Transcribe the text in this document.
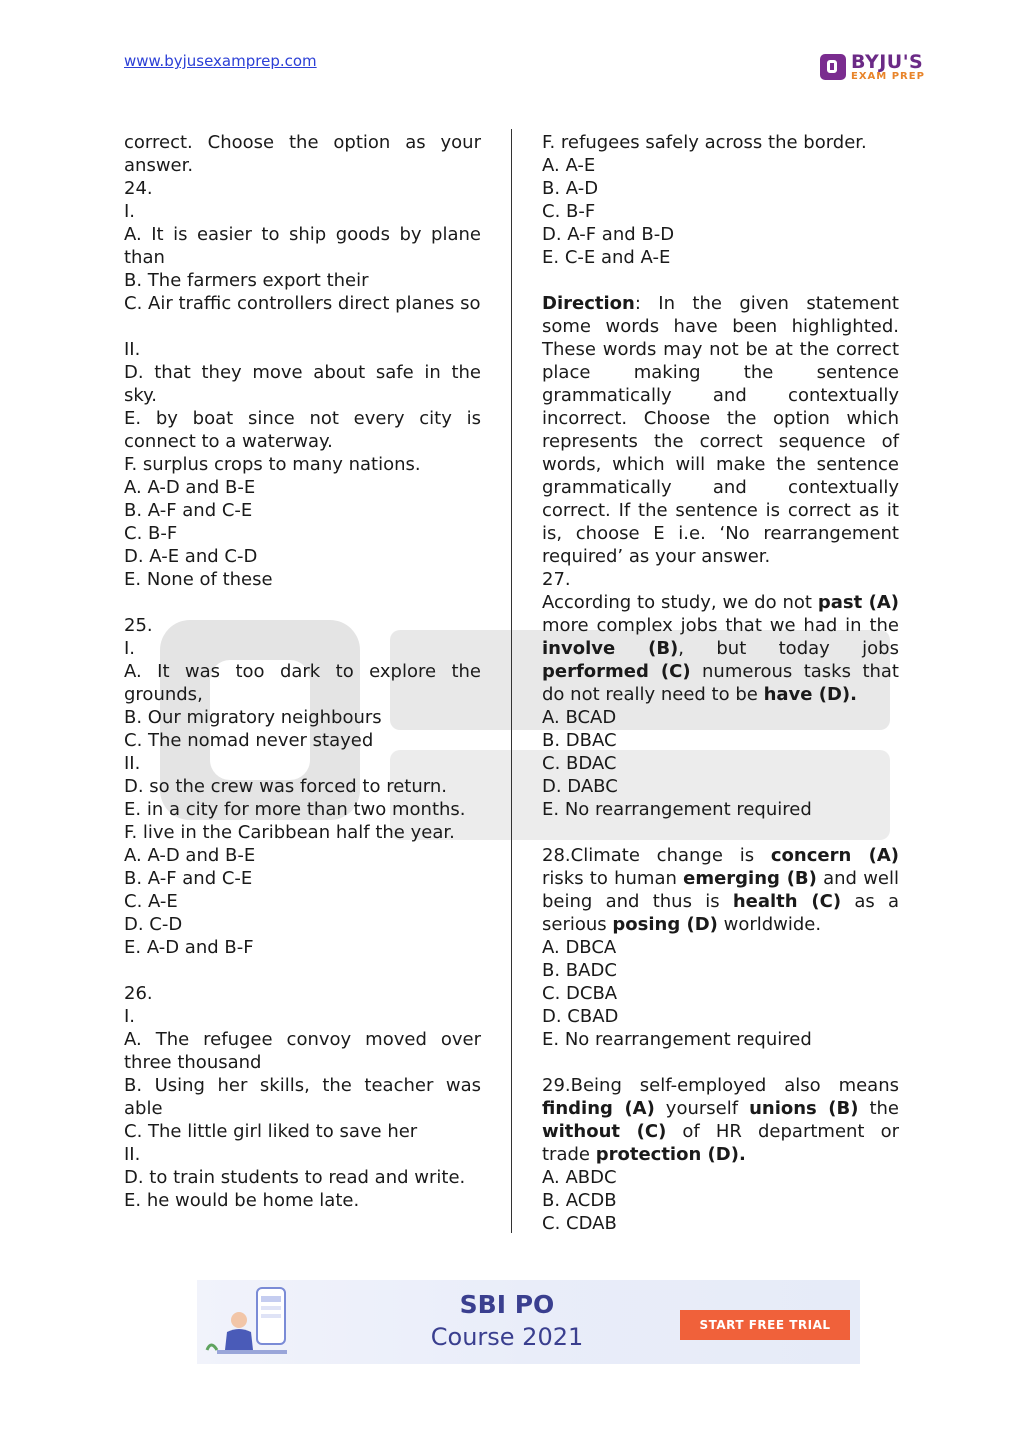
www.byjusexamprep.com	BYJU'S
EXAM PREP

correct. Choose the option as your answer.

24.

I.

A. It is easier to ship goods by plane than

B. The farmers export their

C. Air traffic controllers direct planes so

II.

D. that they move about safe in the sky.

E. by boat since not every city is connect to a waterway.

F. surplus crops to many nations.

A. A-D and B-E

B. A-F and C-E

C. B-F

D. A-E and C-D

E. None of these

25.

I.

A. It was too dark to explore the grounds,

B. Our migratory neighbours

C. The nomad never stayed

II.

D. so the crew was forced to return.

E. in a city for more than two months.

F. live in the Caribbean half the year.

A. A-D and B-E

B. A-F and C-E

C. A-E

D. C-D

E. A-D and B-F

26.

I.

A. The refugee convoy moved over three thousand

B. Using her skills, the teacher was able

C. The little girl liked to save her

II.

D. to train students to read and write.

E. he would be home late.

F. refugees safely across the border.

A. A-E

B. A-D

C. B-F

D. A-F and B-D

E. C-E and A-E

Direction: In the given statement some words have been highlighted. These words may not be at the correct place making the sentence grammatically and contextually incorrect. Choose the option which represents the correct sequence of words, which will make the sentence grammatically and contextually correct. If the sentence is correct as it is, choose E i.e. ‘No rearrangement required’ as your answer.

27.

According to study, we do not past (A) more complex jobs that we had in the involve (B), but today jobs performed (C) numerous tasks that do not really need to be have (D).

A. BCAD

B. DBAC

C. BDAC

D. DABC

E. No rearrangement required

28.Climate change is concern (A) risks to human emerging (B) and well being and thus is health (C) as a serious posing (D) worldwide.

A. DBCA

B. BADC

C. DCBA

D. CBAD

E. No rearrangement required

29.Being self-employed also means finding (A) yourself unions (B) the without (C) of HR department or trade protection (D).

A. ABDC

B. ACDB

C. CDAB

SBI PO
Course 2021	START FREE TRIAL
